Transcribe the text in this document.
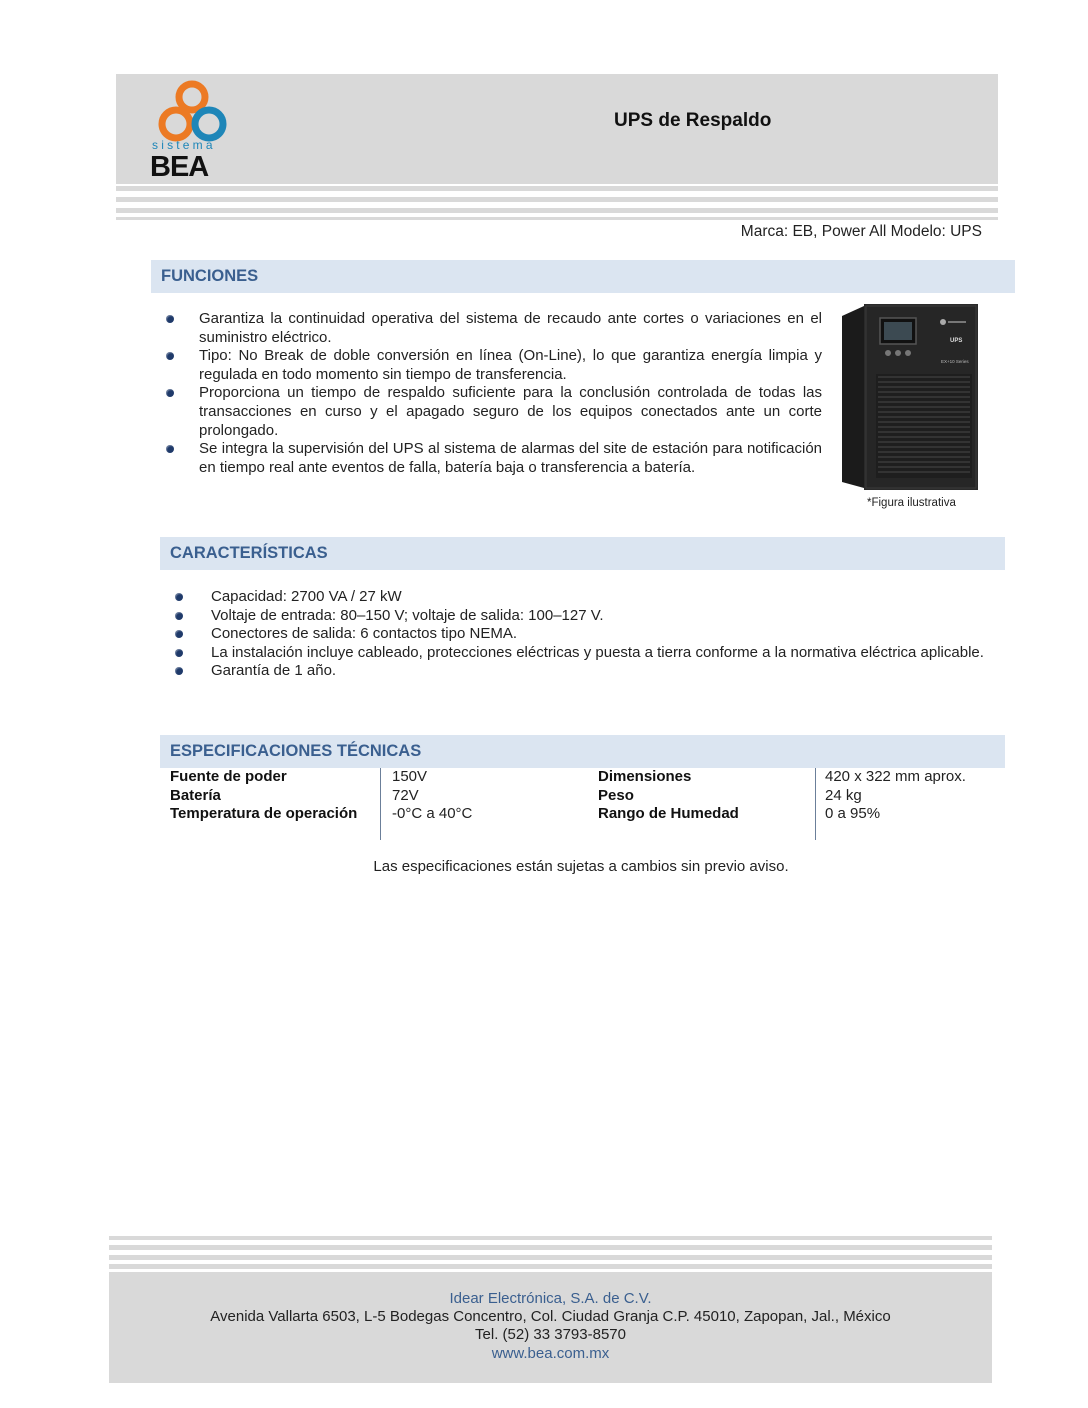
sistema
BEA
UPS de Respaldo
Marca: EB, Power All Modelo: UPS
FUNCIONES
Garantiza la continuidad operativa del sistema de recaudo ante cortes o variaciones en el suministro eléctrico.
Tipo: No Break de doble conversión en línea (On-Line), lo que garantiza energía limpia y regulada en todo momento sin tiempo de transferencia.
Proporciona un tiempo de respaldo suficiente para la conclusión controlada de todas las transacciones en curso y el apagado seguro de los equipos conectados ante un corte prolongado.
Se integra la supervisión del UPS al sistema de alarmas del site de estación para notificación en tiempo real ante eventos de falla, batería baja o transferencia a batería.
UPS
EX+10 Series
*Figura ilustrativa
CARACTERÍSTICAS
Capacidad: 2700 VA / 27 kW
Voltaje de entrada: 80–150 V; voltaje de salida: 100–127 V.
Conectores de salida: 6 contactos tipo NEMA.
La instalación incluye cableado, protecciones eléctricas y puesta a tierra conforme a la normativa eléctrica aplicable.
Garantía de 1 año.
ESPECIFICACIONES TÉCNICAS
Fuente de poder	150V	Dimensiones	420 x 322 mm aprox.
Batería	72V	Peso	24 kg
Temperatura de operación -0°C a 40°C	Rango de Humedad	0 a 95%
Las especificaciones están sujetas a cambios sin previo aviso.
Idear Electrónica, S.A. de C.V.
Avenida Vallarta 6503, L-5 Bodegas Concentro, Col. Ciudad Granja C.P. 45010, Zapopan, Jal., México
Tel. (52) 33 3793-8570
www.bea.com.mx
